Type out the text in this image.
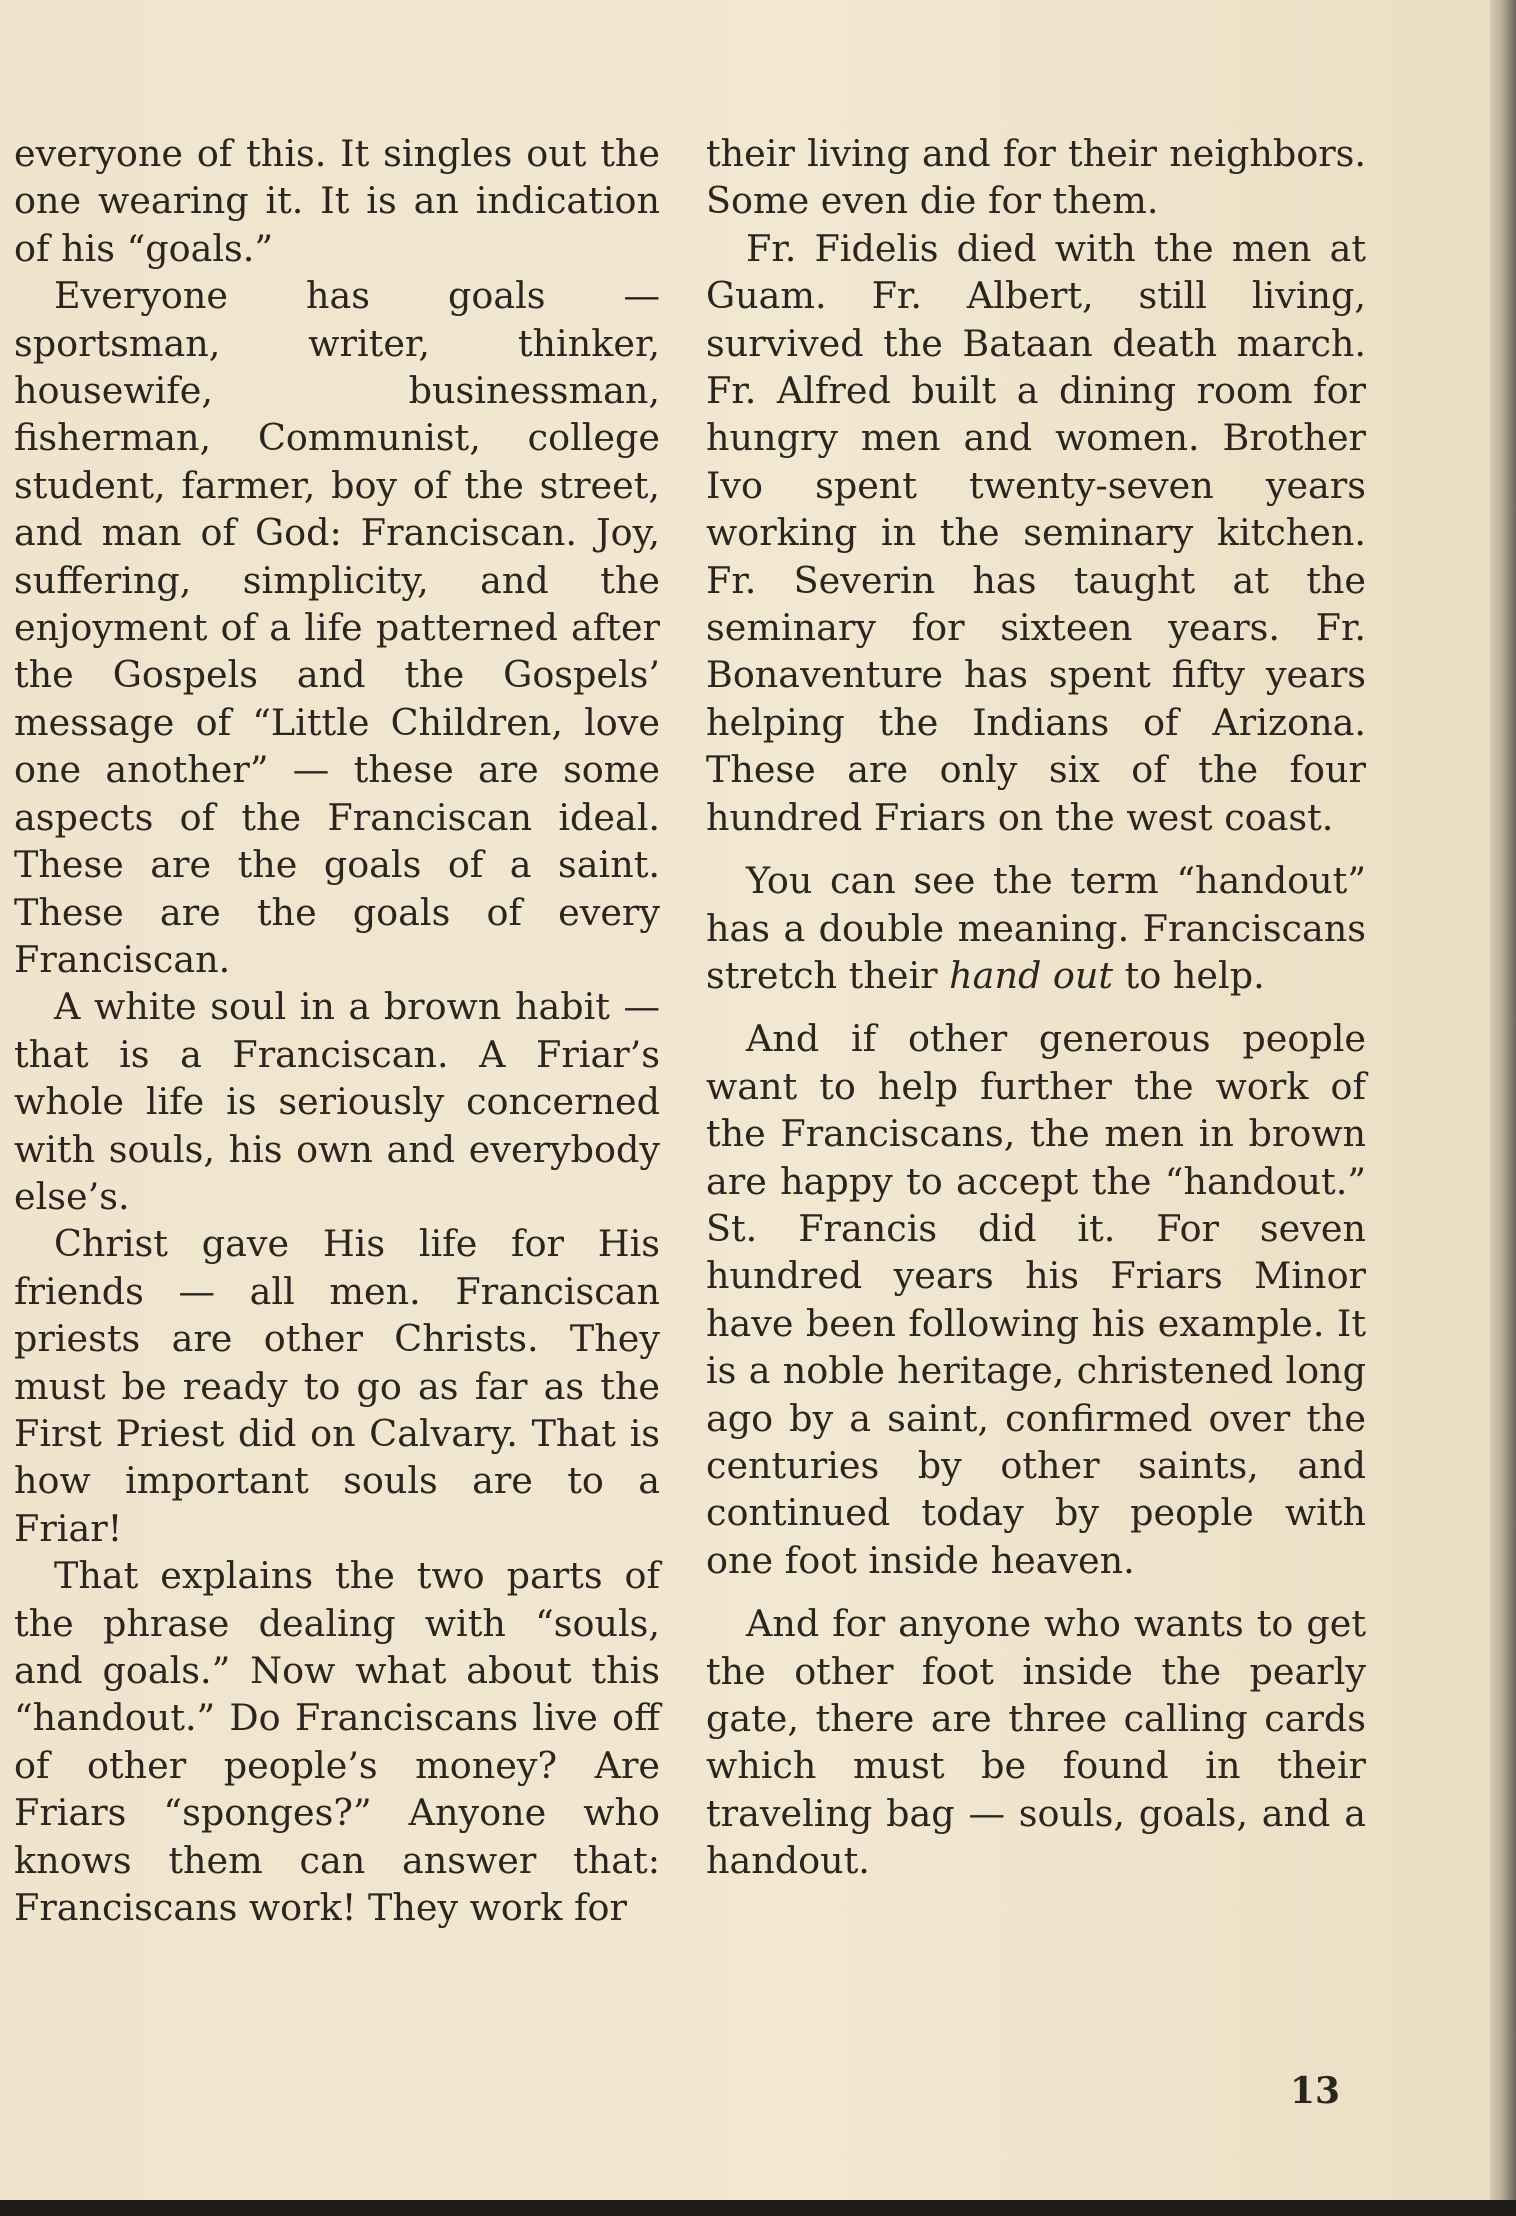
everyone of this. It singles out the one wearing it. It is an indication of his “goals.”

Everyone has goals — sportsman, writer, thinker, housewife, businessman, fisherman, Communist, college student, farmer, boy of the street, and man of God: Franciscan. Joy, suffering, simplicity, and the enjoyment of a life patterned after the Gospels and the Gospels’ message of “Little Children, love one another” — these are some aspects of the Franciscan ideal. These are the goals of a saint. These are the goals of every Franciscan.

A white soul in a brown habit — that is a Franciscan. A Friar’s whole life is seriously concerned with souls, his own and everybody else’s.

Christ gave His life for His friends — all men. Franciscan priests are other Christs. They must be ready to go as far as the First Priest did on Calvary. That is how important souls are to a Friar!

That explains the two parts of the phrase dealing with “souls, and goals.” Now what about this “handout.” Do Franciscans live off of other people’s money? Are Friars “sponges?” Anyone who knows them can answer that: Franciscans work! They work for

their living and for their neighbors. Some even die for them.

Fr. Fidelis died with the men at Guam. Fr. Albert, still living, survived the Bataan death march. Fr. Alfred built a dining room for hungry men and women. Brother Ivo spent twenty-seven years working in the seminary kitchen. Fr. Severin has taught at the seminary for sixteen years. Fr. Bonaventure has spent fifty years helping the Indians of Arizona. These are only six of the four hundred Friars on the west coast.

You can see the term “handout” has a double meaning. Franciscans stretch their hand out to help.

And if other generous people want to help further the work of the Franciscans, the men in brown are happy to accept the “handout.” St. Francis did it. For seven hundred years his Friars Minor have been following his example. It is a noble heritage, christened long ago by a saint, confirmed over the centuries by other saints, and continued today by people with one foot inside heaven.

And for anyone who wants to get the other foot inside the pearly gate, there are three calling cards which must be found in their traveling bag — souls, goals, and a handout.

13
